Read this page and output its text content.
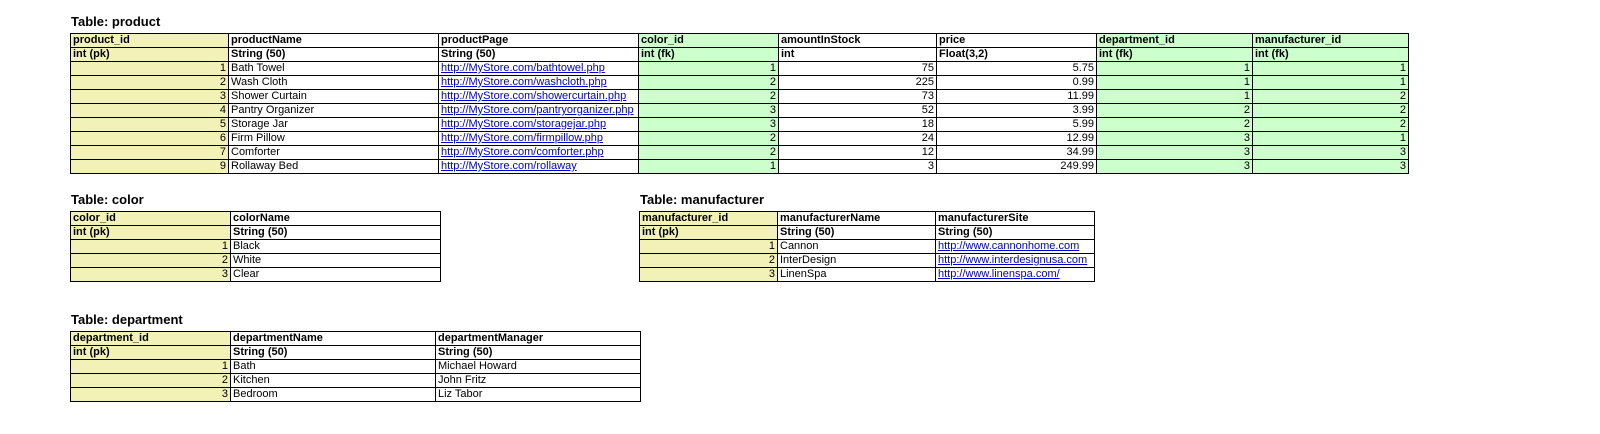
Table: product
product_id	productName	productPage	color_id	amountInStock	price	department_id	manufacturer_id
int (pk)	String (50)	String (50)	int (fk)	int	Float(3,2)	int (fk)	int (fk)
1	Bath Towel	http://MyStore.com/bathtowel.php	1	75	5.75	1	1
2	Wash Cloth	http://MyStore.com/washcloth.php	2	225	0.99	1	1
3	Shower Curtain	http://MyStore.com/showercurtain.php	2	73	11.99	1	2
4	Pantry Organizer	http://MyStore.com/pantryorganizer.php	3	52	3.99	2	2
5	Storage Jar	http://MyStore.com/storagejar.php	3	18	5.99	2	2
6	Firm Pillow	http://MyStore.com/firmpillow.php	2	24	12.99	3	1
7	Comforter	http://MyStore.com/comforter.php	2	12	34.99	3	3
9	Rollaway Bed	http://MyStore.com/rollaway	1	3	249.99	3	3
Table: color
color_id	colorName
int (pk)	String (50)
1	Black
2	White
3	Clear
Table: manufacturer
manufacturer_id	manufacturerName	manufacturerSite
int (pk)	String (50)	String (50)
1	Cannon	http://www.cannonhome.com
2	InterDesign	http://www.interdesignusa.com
3	LinenSpa	http://www.linenspa.com/
Table: department
department_id	departmentName	departmentManager
int (pk)	String (50)	String (50)
1	Bath	Michael Howard
2	Kitchen	John Fritz
3	Bedroom	Liz Tabor
